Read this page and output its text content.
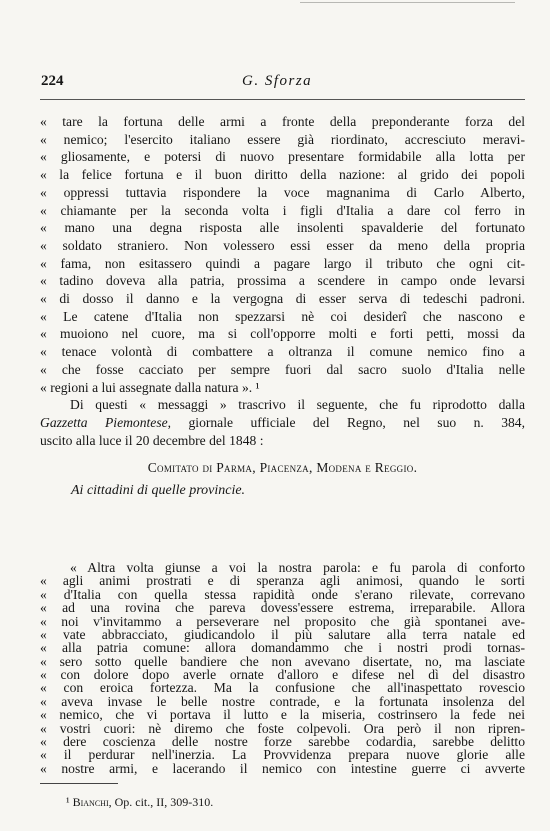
224	G. Sforza
« tare la fortuna delle armi a fronte della preponderante forza del
« nemico; l'esercito italiano essere già riordinato, accresciuto meravi-
« gliosamente, e potersi di nuovo presentare formidabile alla lotta per
« la felice fortuna e il buon diritto della nazione: al grido dei popoli
« oppressi tuttavia rispondere la voce magnanima di Carlo Alberto,
« chiamante per la seconda volta i figli d'Italia a dare col ferro in
« mano una degna risposta alle insolenti spavalderie del fortunato
« soldato straniero. Non volessero essi esser da meno della propria
« fama, non esitassero quindi a pagare largo il tributo che ogni cit-
« tadino doveva alla patria, prossima a scendere in campo onde levarsi
« di dosso il danno e la vergogna di esser serva di tedeschi padroni.
« Le catene d'Italia non spezzarsi nè coi desiderî che nascono e
« muoiono nel cuore, ma si coll'opporre molti e forti petti, mossi da
« tenace volontà di combattere a oltranza il comune nemico fino a
« che fosse cacciato per sempre fuori dal sacro suolo d'Italia nelle
« regioni a lui assegnate dalla natura ». ¹
Di questi « messaggi » trascrivo il seguente, che fu riprodotto dalla
Gazzetta Piemontese, giornale ufficiale del Regno, nel suo n. 384,
uscito alla luce il 20 decembre del 1848 :
Comitato di Parma, Piacenza, Modena e Reggio.
Ai cittadini di quelle provincie.
¹ Bianchi, Op. cit., II, 309-310.
« Altra volta giunse a voi la nostra parola: e fu parola di conforto
« agli animi prostrati e di speranza agli animosi, quando le sorti
« d'Italia con quella stessa rapidità onde s'erano rilevate, correvano
« ad una rovina che pareva dovess'essere estrema, irreparabile. Allora
« noi v'invitammo a perseverare nel proposito che già spontanei ave-
« vate abbracciato, giudicandolo il più salutare alla terra natale ed
« alla patria comune: allora domandammo che i nostri prodi tornas-
« sero sotto quelle bandiere che non avevano disertate, no, ma lasciate
« con dolore dopo averle ornate d'alloro e difese nel dì del disastro
« con eroica fortezza. Ma la confusione che all'inaspettato rovescio
« aveva invase le belle nostre contrade, e la fortunata insolenza del
« nemico, che vi portava il lutto e la miseria, costrinsero la fede nei
« vostri cuori: nè diremo che foste colpevoli. Ora però il non ripren-
« dere coscienza delle nostre forze sarebbe codardia, sarebbe delitto
« il perdurar nell'inerzia. La Provvidenza prepara nuove glorie alle
« nostre armi, e lacerando il nemico con intestine guerre ci avverte
